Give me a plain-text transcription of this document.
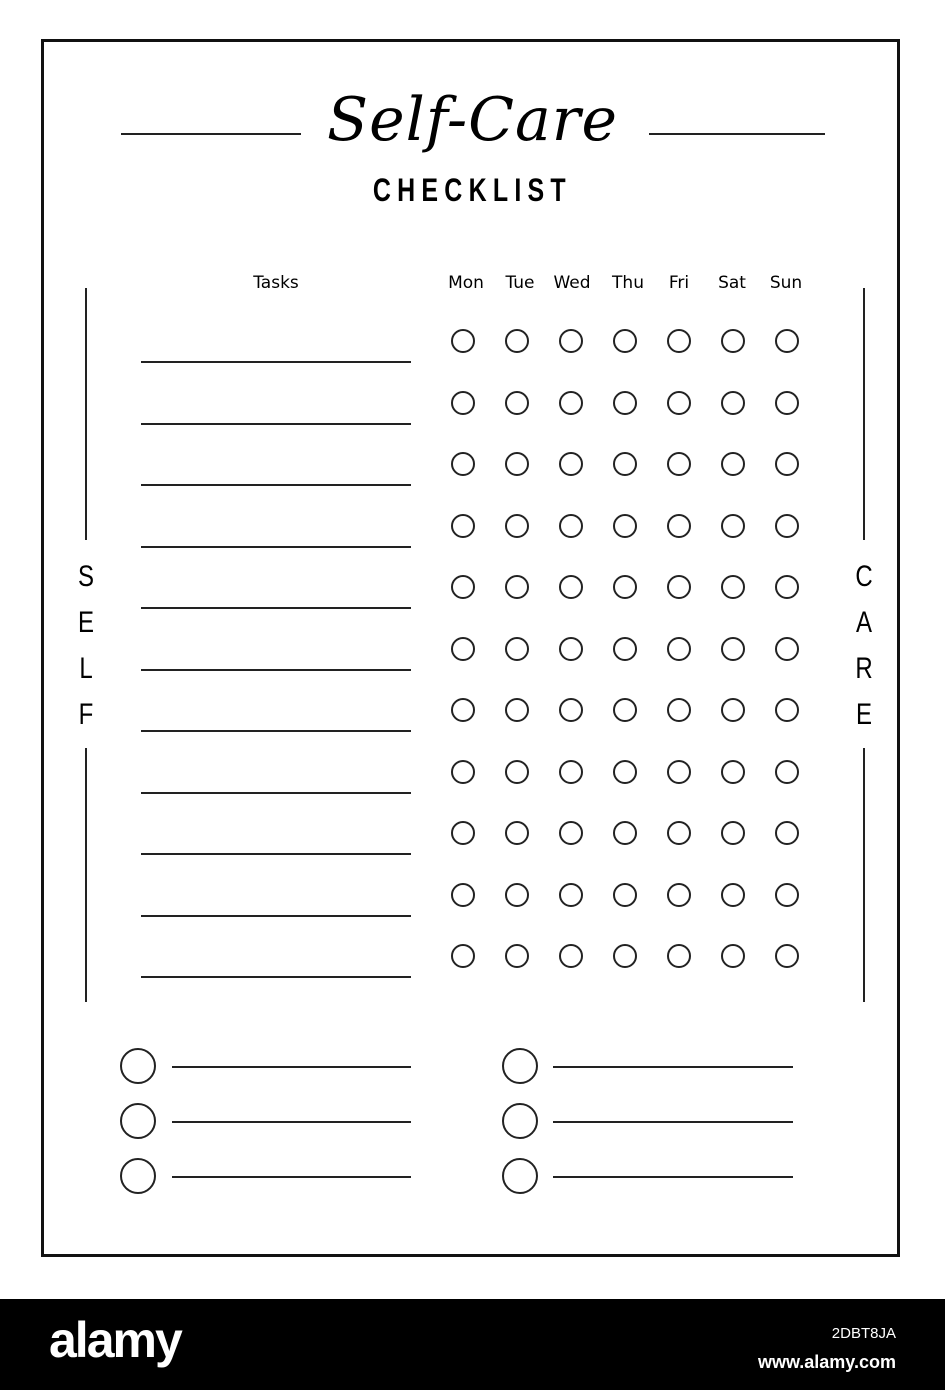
Self-Care
CHECKLIST
Tasks	Mon	Tue	Wed	Thu	Fri	Sat	Sun
S
E
L
F
C
A
R
E
alamy	2DBT8JA
www.alamy.com
